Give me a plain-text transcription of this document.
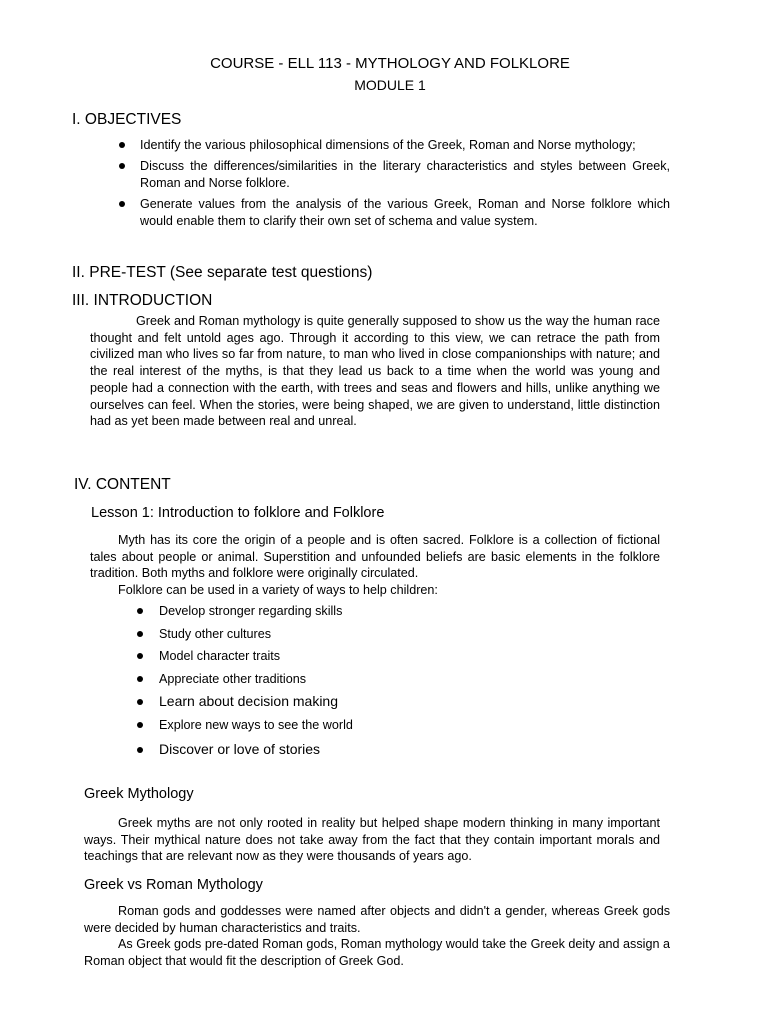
COURSE - ELL 113 - MYTHOLOGY AND FOLKLORE
MODULE 1
I. OBJECTIVES
Identify the various philosophical dimensions of the Greek, Roman and Norse mythology;
Discuss the differences/similarities in the literary characteristics and styles between Greek, Roman and Norse folklore.
Generate values from the analysis of the various Greek, Roman and Norse folklore which would enable them to clarify their own set of schema and value system.
II. PRE-TEST (See separate test questions)
III. INTRODUCTION

Greek and Roman mythology is quite generally supposed to show us the way the human race thought and felt untold ages ago. Through it according to this view, we can retrace the path from civilized man who lives so far from nature, to man who lived in close companionships with nature; and the real interest of the myths, is that they lead us back to a time when the world was young and people had a connection with the earth, with trees and seas and flowers and hills, unlike anything we ourselves can feel. When the stories, were being shaped, we are given to understand, little distinction had as yet been made between real and unreal.

IV. CONTENT
Lesson 1: Introduction to folklore and Folklore

Myth has its core the origin of a people and is often sacred. Folklore is a collection of fictional tales about people or animal. Superstition and unfounded beliefs are basic elements in the folklore tradition. Both myths and folklore were originally circulated.

Folklore can be used in a variety of ways to help children:

Develop stronger regarding skills
Study other cultures
Model character traits
Appreciate other traditions
Learn about decision making
Explore new ways to see the world
Discover or love of stories
Greek Mythology

Greek myths are not only rooted in reality but helped shape modern thinking in many important ways. Their mythical nature does not take away from the fact that they contain important morals and teachings that are relevant now as they were thousands of years ago.

Greek vs Roman Mythology

Roman gods and goddesses were named after objects and didn't a gender, whereas Greek gods were decided by human characteristics and traits.

As Greek gods pre-dated Roman gods, Roman mythology would take the Greek deity and assign a Roman object that would fit the description of Greek God.
